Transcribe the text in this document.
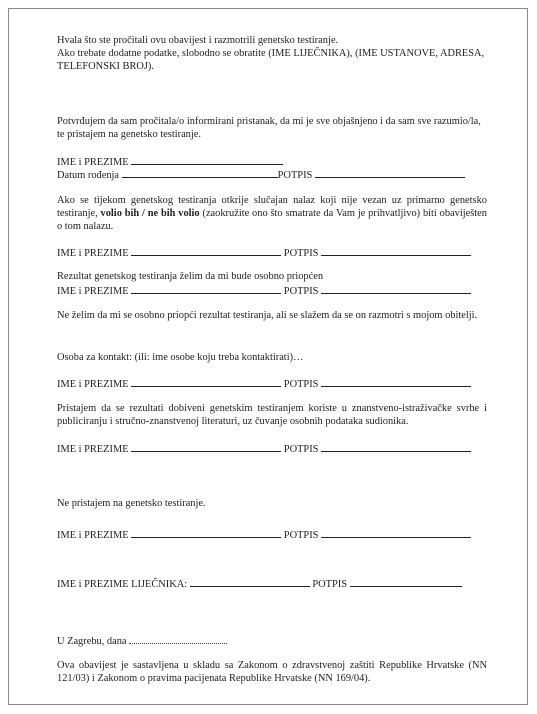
Hvala što ste pročitali ovu obavijest i razmotrili genetsko testiranje.

Ako trebate dodatne podatke, slobodno se obratite (IME LIJEČNIKA), (IME USTANOVE, ADRESA, TELEFONSKI BROJ).

Potvrđujem da sam pročitala/o informirani pristanak, da mi je sve objašnjeno i da sam sve razumio/la, te pristajem na genetsko testiranje.

IME i PREZIME
Datum rođenja	POTPIS

Ako se tijekom genetskog testiranja otkrije slučajan nalaz koji nije vezan uz primarno genetsko testiranje, volio bih / ne bih volio (zaokružite ono što smatrate da Vam je prihvatljivo) biti obaviješten o tom nalazu.

IME i PREZIME	POTPIS

Rezultat genetskog testiranja želim da mi bude osobno priopćen

IME i PREZIME	POTPIS

Ne želim da mi se osobno priopći rezultat testiranja, ali se slažem da se on razmotri s mojom obitelji.

Osoba za kontakt: (ili: ime osobe koju treba kontaktirati)…

IME i PREZIME	POTPIS

Pristajem da se rezultati dobiveni genetskim testiranjem koriste u znanstveno-istraživačke svrhe i publiciranju i stručno-znanstvenoj literaturi, uz čuvanje osobnih podataka sudionika.

IME i PREZIME	POTPIS

Ne pristajem na genetsko testiranje.

IME i PREZIME	POTPIS
IME i PREZIME LIJEČNIKA:	POTPIS
U Zagrebu, dana

Ova obavijest je sastavljena u skladu sa Zakonom o zdravstvenoj zaštiti Republike Hrvatske (NN 121/03) i Zakonom o pravima pacijenata Republike Hrvatske (NN 169/04).
